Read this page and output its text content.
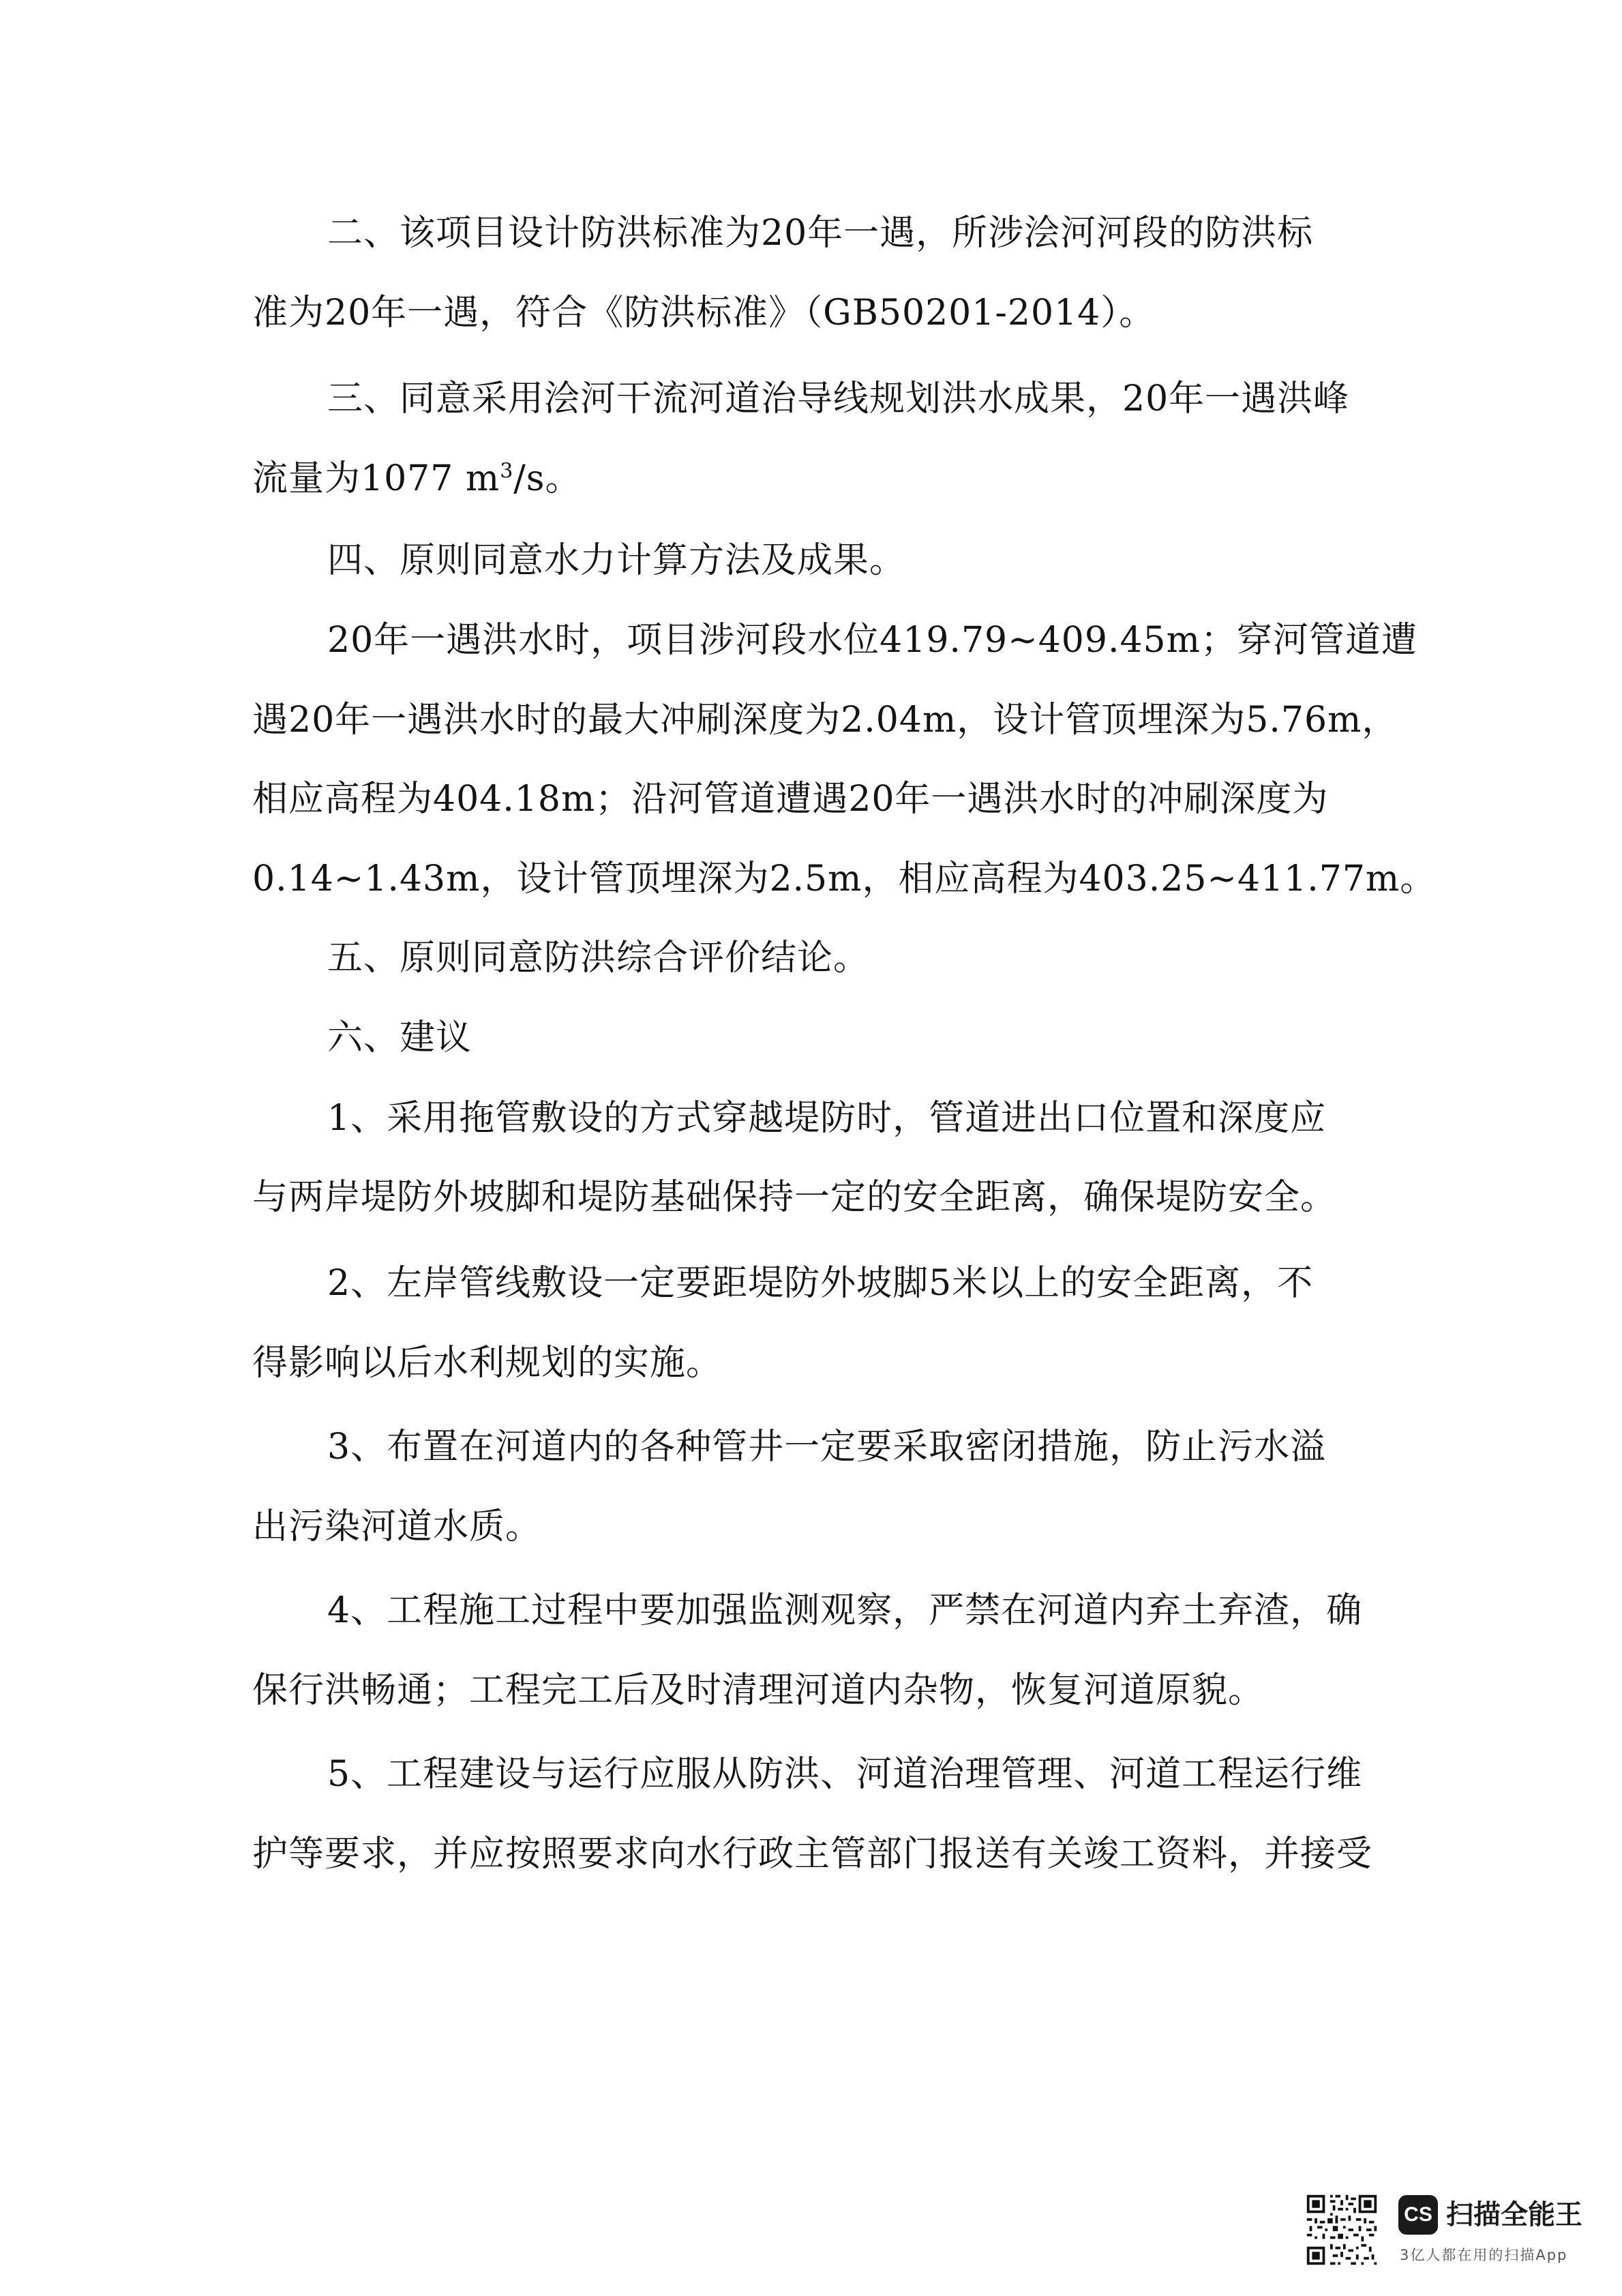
二、该项目设计防洪标准为20年一遇，所涉浍河河段的防洪标
准为20年一遇，符合《防洪标准》（GB50201-2014）。
三、同意采用浍河干流河道治导线规划洪水成果，20年一遇洪峰
流量为1077 $m^3/s$。
四、原则同意水力计算方法及成果。
20年一遇洪水时，项目涉河段水位419.79~409.45m；穿河管道遭
遇20年一遇洪水时的最大冲刷深度为2.04m，设计管顶埋深为5.76m，
相应高程为404.18m；沿河管道遭遇20年一遇洪水时的冲刷深度为
0.14~1.43m，设计管顶埋深为2.5m，相应高程为403.25~411.77m。
五、原则同意防洪综合评价结论。
六、建议
1、采用拖管敷设的方式穿越堤防时，管道进出口位置和深度应
与两岸堤防外坡脚和堤防基础保持一定的安全距离，确保堤防安全。
2、左岸管线敷设一定要距堤防外坡脚5米以上的安全距离，不
得影响以后水利规划的实施。
3、布置在河道内的各种管井一定要采取密闭措施，防止污水溢
出污染河道水质。
4、工程施工过程中要加强监测观察，严禁在河道内弃土弃渣，确
保行洪畅通；工程完工后及时清理河道内杂物，恢复河道原貌。
5、工程建设与运行应服从防洪、河道治理管理、河道工程运行维
护等要求，并应按照要求向水行政主管部门报送有关竣工资料，并接受
CS 扫描全能王
3亿人都在用的扫描App
